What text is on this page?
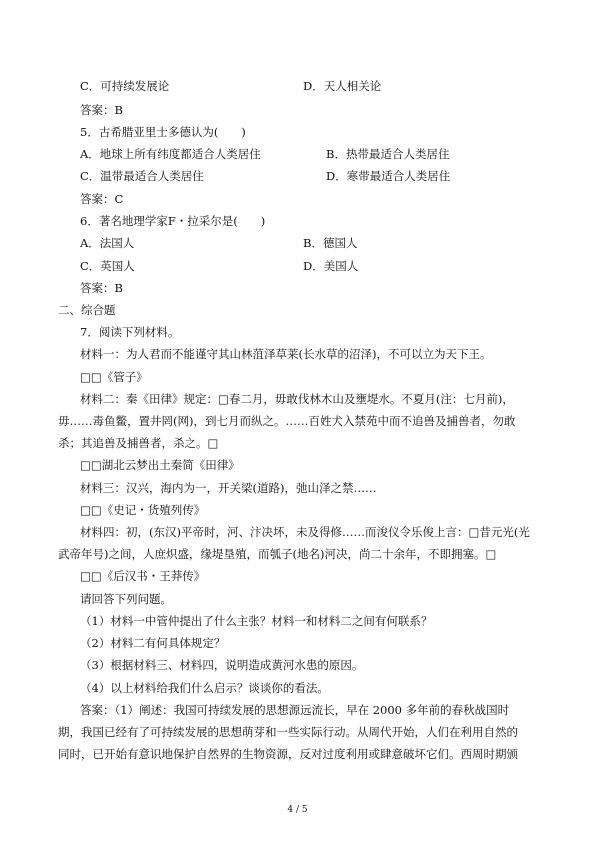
C．可持续发展论	D．天人相关论
答案：B
5．古希腊亚里士多德认为(　　)
A．地球上所有纬度都适合人类居住	B．热带最适合人类居住
C．温带最适合人类居住	D．寒带最适合人类居住
答案：C
6．著名地理学家F・拉采尔是(　　)
A．法国人	B．德国人
C．英国人	D．美国人
答案：B
二、综合题
7．阅读下列材料。
材料一：为人君而不能谨守其山林菹泽草莱(长水草的沼泽)，不可以立为天下王。
□□《管子》
材料二：秦《田律》规定：□春二月，毋敢伐林木山及壅堤水。不夏月(注：七月前)，
毋……毒鱼鳖，置井罔(网)，到七月而纵之。……百姓犬入禁苑中而不追兽及捕兽者，勿敢
杀；其追兽及捕兽者，杀之。□
□□湖北云梦出土秦简《田律》
材料三：汉兴，海内为一，开关梁(道路)，弛山泽之禁……
□□《史记・货殖列传》
材料四：初，(东汉)平帝时，河、汴决坏，未及得修……而浚仪令乐俊上言：□昔元光(光
武帝年号)之间，人庶炽盛，缘堤垦殖，而瓠子(地名)河决，尚二十余年，不即拥塞。□
□□《后汉书・王莽传》
请回答下列问题。
（1）材料一中管仲提出了什么主张？材料一和材料二之间有何联系？
（2）材料二有何具体规定？
（3）根据材料三、材料四，说明造成黄河水患的原因。
（4）以上材料给我们什么启示？谈谈你的看法。
答案：（1）阐述：我国可持续发展的思想源远流长，早在 2000 多年前的春秋战国时
期，我国已经有了可持续发展的思想萌芽和一些实际行动。从周代开始，人们在利用自然的
同时，已开始有意识地保护自然界的生物资源，反对过度利用或肆意破坏它们。西周时期颁
4 / 5
